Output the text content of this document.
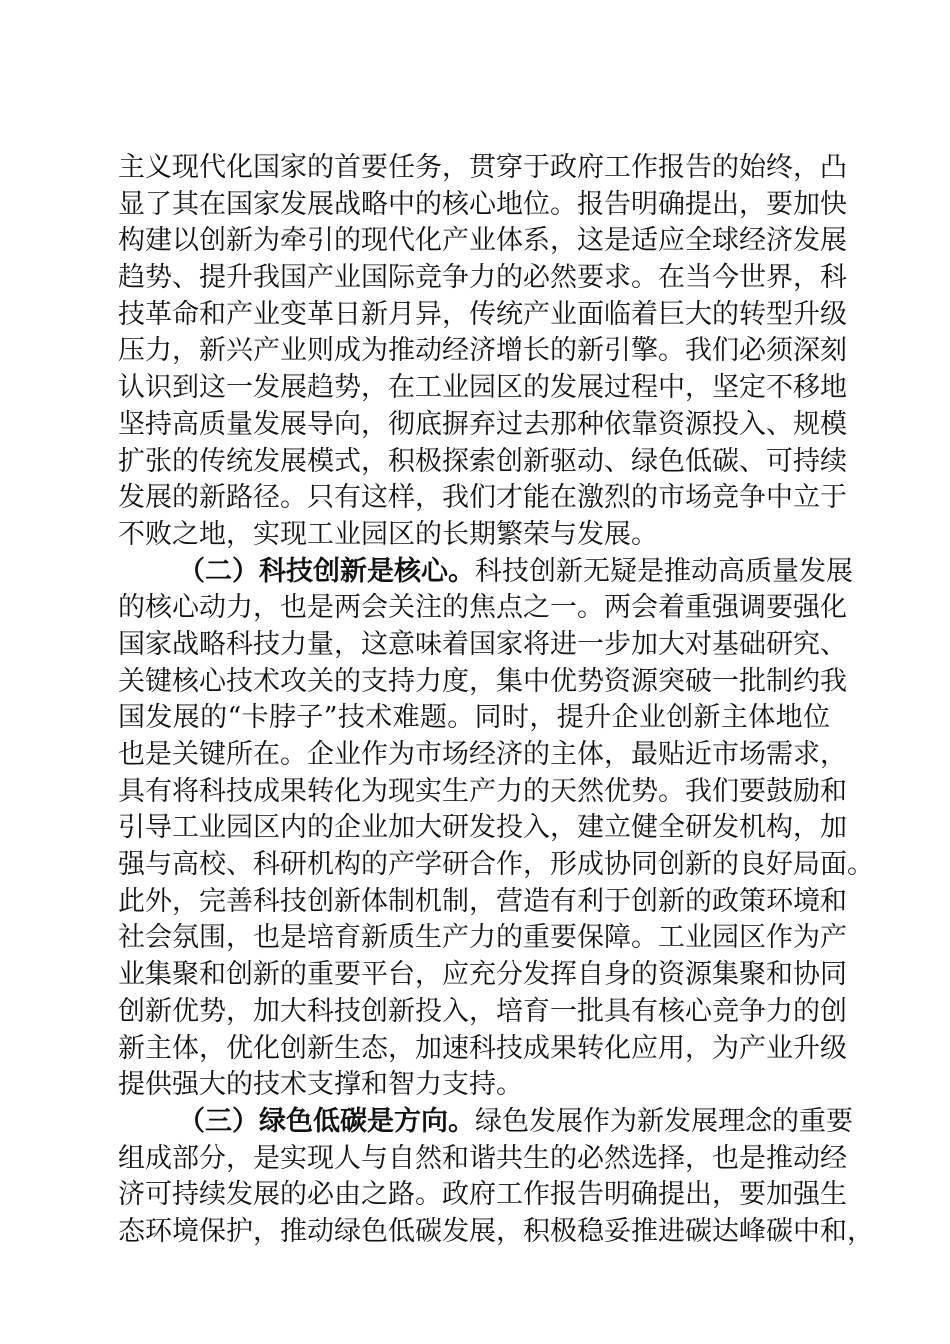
主义现代化国家的首要任务，贯穿于政府工作报告的始终，凸
显了其在国家发展战略中的核心地位。报告明确提出，要加快
构建以创新为牵引的现代化产业体系，这是适应全球经济发展
趋势、提升我国产业国际竞争力的必然要求。在当今世界，科
技革命和产业变革日新月异，传统产业面临着巨大的转型升级
压力，新兴产业则成为推动经济增长的新引擎。我们必须深刻
认识到这一发展趋势，在工业园区的发展过程中，坚定不移地
坚持高质量发展导向，彻底摒弃过去那种依靠资源投入、规模
扩张的传统发展模式，积极探索创新驱动、绿色低碳、可持续
发展的新路径。只有这样，我们才能在激烈的市场竞争中立于
不败之地，实现工业园区的长期繁荣与发展。
（二）科技创新是核心。科技创新无疑是推动高质量发展
的核心动力，也是两会关注的焦点之一。两会着重强调要强化
国家战略科技力量，这意味着国家将进一步加大对基础研究、
关键核心技术攻关的支持力度，集中优势资源突破一批制约我
国发展的“卡脖子”技术难题。同时，提升企业创新主体地位
也是关键所在。企业作为市场经济的主体，最贴近市场需求，
具有将科技成果转化为现实生产力的天然优势。我们要鼓励和
引导工业园区内的企业加大研发投入，建立健全研发机构，加
强与高校、科研机构的产学研合作，形成协同创新的良好局面。
此外，完善科技创新体制机制，营造有利于创新的政策环境和
社会氛围，也是培育新质生产力的重要保障。工业园区作为产
业集聚和创新的重要平台，应充分发挥自身的资源集聚和协同
创新优势，加大科技创新投入，培育一批具有核心竞争力的创
新主体，优化创新生态，加速科技成果转化应用，为产业升级
提供强大的技术支撑和智力支持。
（三）绿色低碳是方向。绿色发展作为新发展理念的重要
组成部分，是实现人与自然和谐共生的必然选择，也是推动经
济可持续发展的必由之路。政府工作报告明确提出，要加强生
态环境保护，推动绿色低碳发展，积极稳妥推进碳达峰碳中和，
